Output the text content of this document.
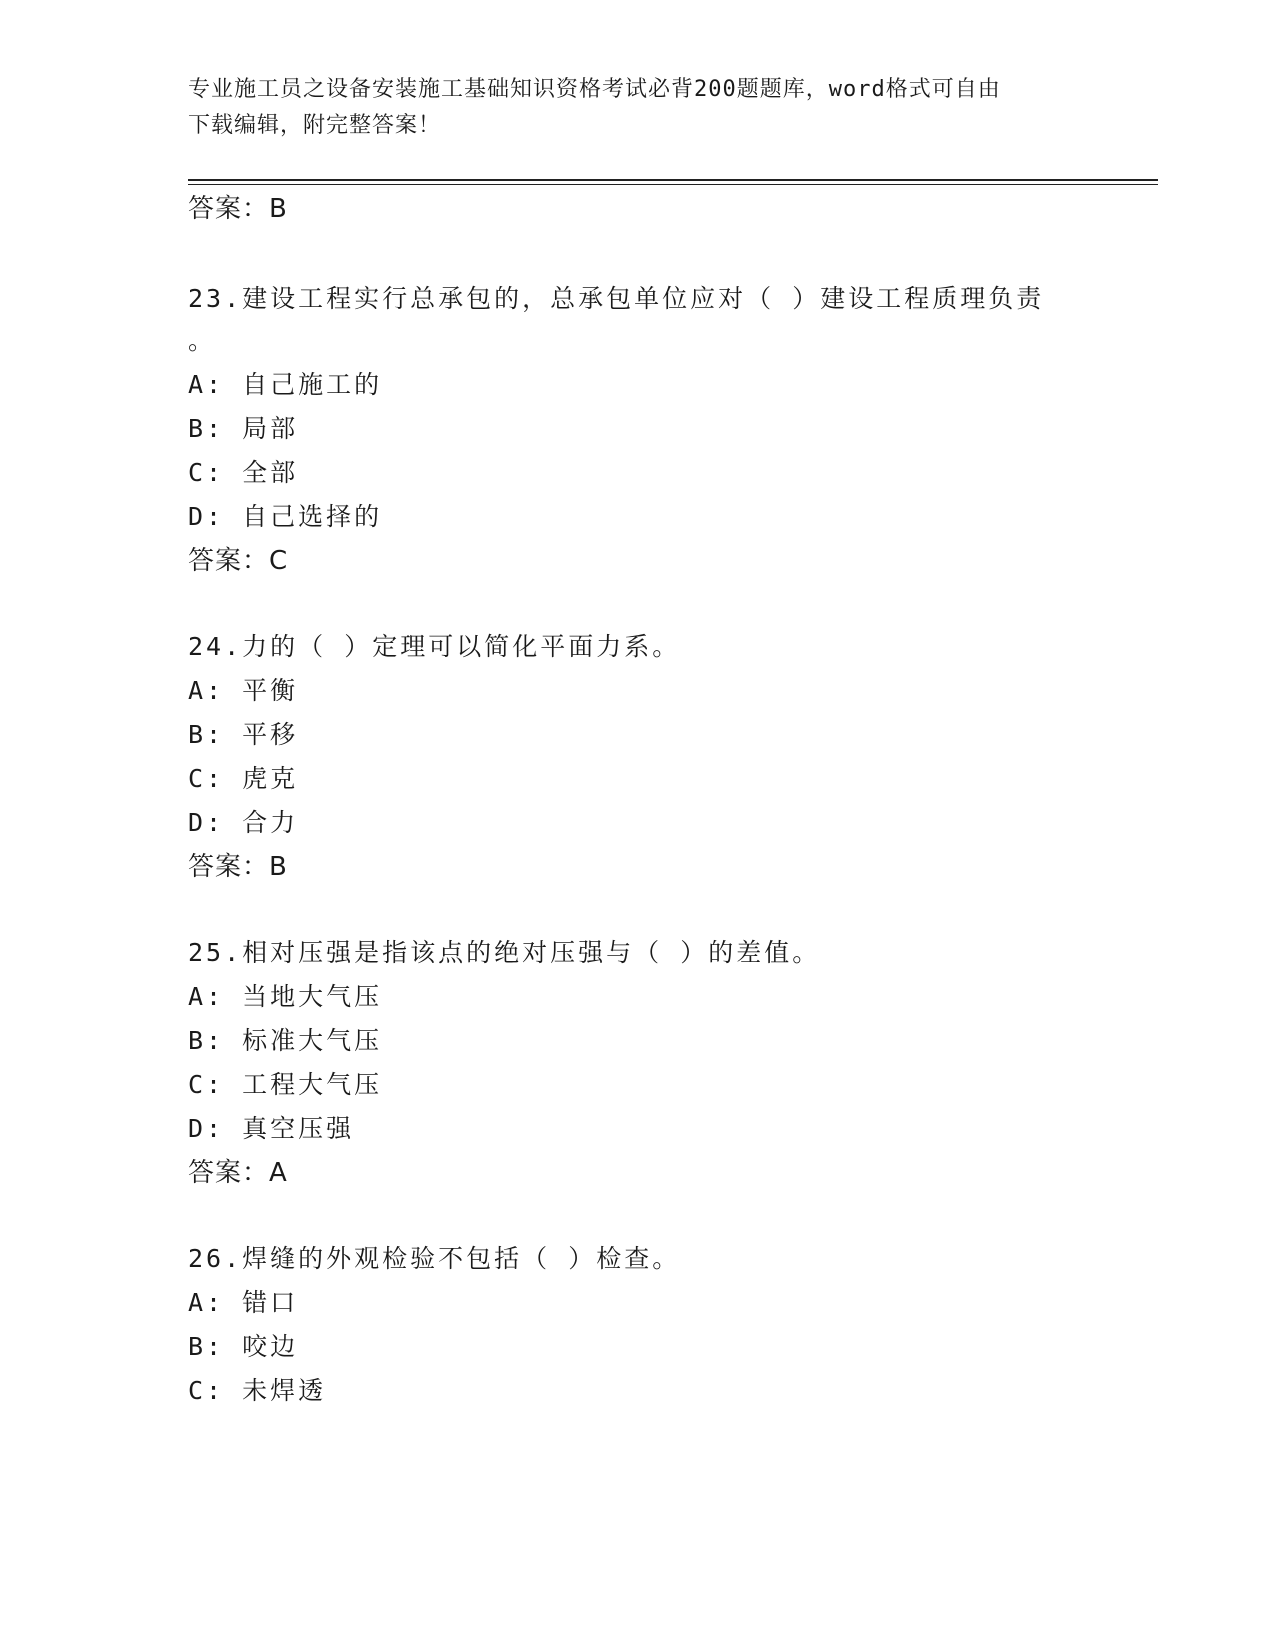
专业施工员之设备安装施工基础知识资格考试必背200题题库，word格式可自由
下载编辑，附完整答案！
答案：B
23.建设工程实行总承包的，总承包单位应对（ ）建设工程质理负责
。
A: 自己施工的
B: 局部
C: 全部
D: 自己选择的
答案：C
24.力的（ ）定理可以简化平面力系。
A: 平衡
B: 平移
C: 虎克
D: 合力
答案：B
25.相对压强是指该点的绝对压强与（ ）的差值。
A: 当地大气压
B: 标准大气压
C: 工程大气压
D: 真空压强
答案：A
26.焊缝的外观检验不包括（ ）检查。
A: 错口
B: 咬边
C: 未焊透
